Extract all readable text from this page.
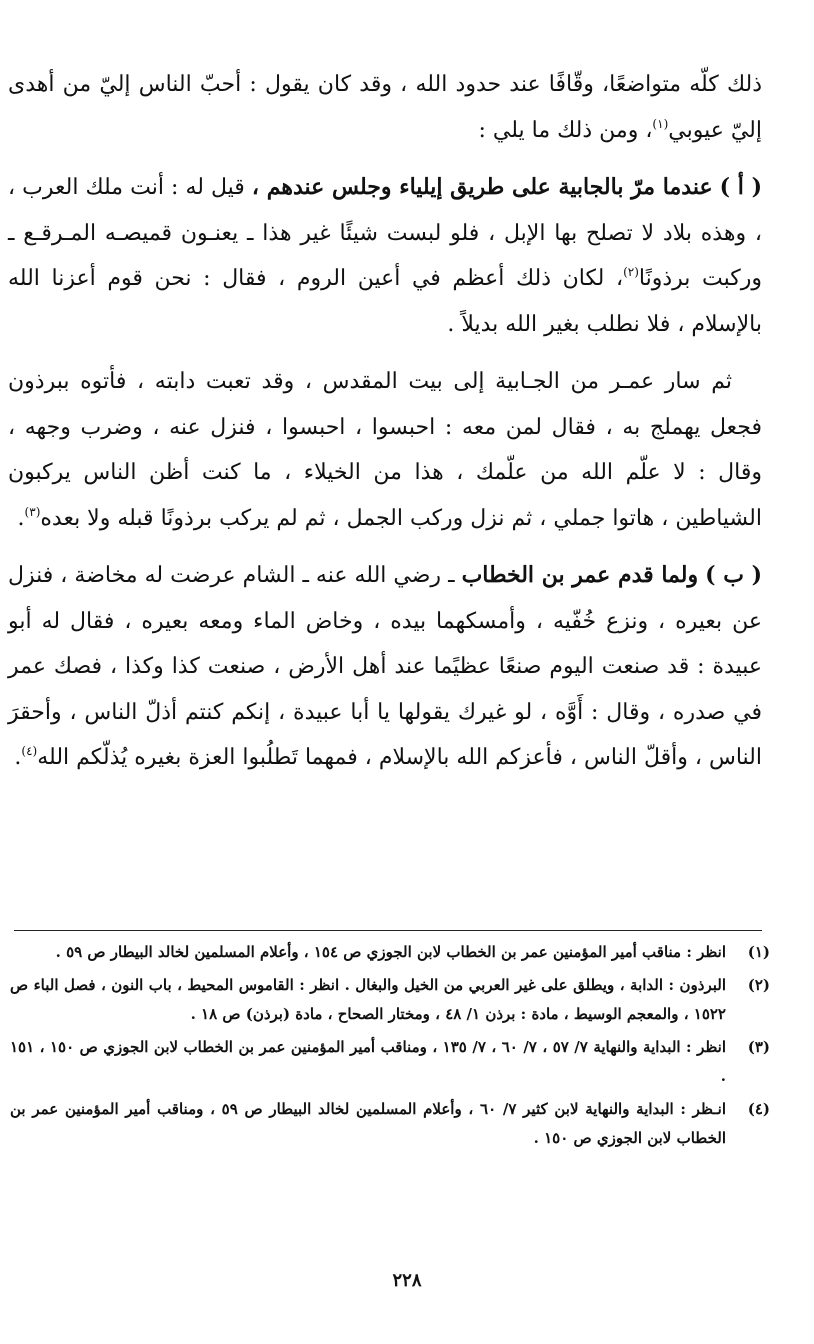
ذلك كلّه متواضعًا، وقّافًا عند حدود الله ، وقد كان يقول : أحبّ الناس إليّ من أهدى إليّ عيوبي$^{(١)}$، ومن ذلك ما يلي :

( أ ) عندما مرّ بالجابية على طريق إيلياء وجلس عندهم ، قيل له : أنت ملك العرب ، ، وهذه بلاد لا تصلح بها الإبل ، فلو لبست شيئًا غير هذا ـ يعنـون قميصـه المـرقـع ـ وركبت برذونًا$^{(٢)}$، لكان ذلك أعظم في أعين الروم ، فقال : نحن قوم أعزنا الله بالإسلام ، فلا نطلب بغير الله بديلاً .

ثم سار عمـر من الجـابية إلى بيت المقدس ، وقد تعبت دابته ، فأتوه ببرذون فجعل يهملج به ، فقال لمن معه : احبسوا ، احبسوا ، فنزل عنه ، وضرب وجهه ، وقال : لا علّم الله من علّمك ، هذا من الخيلاء ، ما كنت أظن الناس يركبون الشياطين ، هاتوا جملي ، ثم نزل وركب الجمل ، ثم لم يركب برذونًا قبله ولا بعده$^{(٣)}$.

( ب ) ولما قدم عمر بن الخطاب ـ رضي الله عنه ـ الشام عرضت له مخاضة ، فنزل عن بعيره ، ونزع خُفّيه ، وأمسكهما بيده ، وخاض الماء ومعه بعيره ، فقال له أبو عبيدة : قد صنعت اليوم صنعًا عظيًما عند أهل الأرض ، صنعت كذا وكذا ، فصك عمر في صدره ، وقال : أَوَّه ، لو غيرك يقولها يا أبا عبيدة ، إنكم كنتم أذلّ الناس ، وأحقرَ الناس ، وأقلّ الناس ، فأعزكم الله بالإسلام ، فمهما تَطلُبوا العزة بغيره يُذلّكم الله$^{(٤)}$.

(١)
انظر : مناقب أمير المؤمنين عمر بن الخطاب لابن الجوزي ص ١٥٤ ، وأعلام المسلمين لخالد البيطار ص ٥٩ .
(٢)
البرذون : الدابة ، ويطلق على غير العربي من الخيل والبغال . انظر : القاموس المحيط ، باب النون ، فصل الباء ص ١٥٢٢ ، والمعجم الوسيط ، مادة : برذن ١/ ٤٨ ، ومختار الصحاح ، مادة (برذن) ص ١٨ .
(٣)
انظر : البداية والنهاية ٧/ ٥٧ ، ٧/ ٦٠ ، ٧/ ١٣٥ ، ومناقب أمير المؤمنين عمر بن الخطاب لابن الجوزي ص ١٥٠ ، ١٥١ .
(٤)
انـظر : البداية والنهاية لابن كثير ٧/ ٦٠ ، وأعلام المسلمين لخالد البيطار ص ٥٩ ، ومناقب أمير المؤمنين عمر بن الخطاب لابن الجوزي ص ١٥٠ .
٢٢٨
